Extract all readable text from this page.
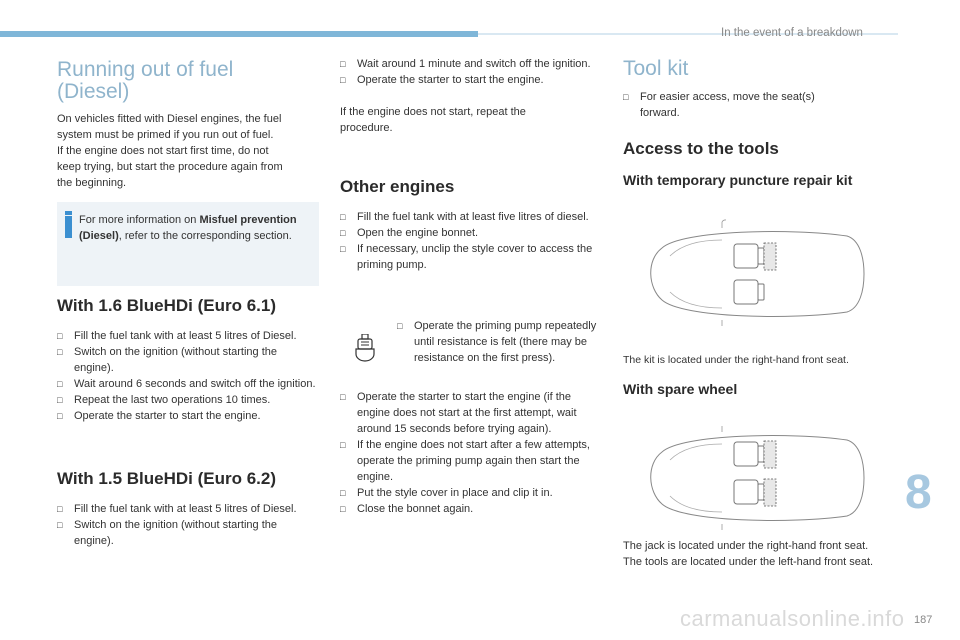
In the event of a breakdown
Running out of fuel
(Diesel)
On vehicles fitted with Diesel engines, the fuel
system must be primed if you run out of fuel.
If the engine does not start first time, do not
keep trying, but start the procedure again from
the beginning.
For more information on Misfuel prevention (Diesel), refer to the corresponding section.
With 1.6 BlueHDi (Euro 6.1)
□ Fill the fuel tank with at least 5 litres of Diesel.
□ Switch on the ignition (without starting the engine).
□ Wait around 6 seconds and switch off the ignition.
□ Repeat the last two operations 10 times.
□ Operate the starter to start the engine.
With 1.5 BlueHDi (Euro 6.2)
□ Fill the fuel tank with at least 5 litres of Diesel.
□ Switch on the ignition (without starting the engine).
□ Wait around 1 minute and switch off the ignition.
□ Operate the starter to start the engine.
If the engine does not start, repeat the procedure.
Other engines
□ Fill the fuel tank with at least five litres of diesel.
□ Open the engine bonnet.
□ If necessary, unclip the style cover to access the priming pump.
□ Operate the priming pump repeatedly until resistance is felt (there may be resistance on the first press).
□ Operate the starter to start the engine (if the engine does not start at the first attempt, wait around 15 seconds before trying again).
□ If the engine does not start after a few attempts, operate the priming pump again then start the engine.
□ Put the style cover in place and clip it in.
□ Close the bonnet again.
Tool kit
□ For easier access, move the seat(s) forward.
Access to the tools
With temporary puncture repair kit
The kit is located under the right-hand front seat.
With spare wheel
The jack is located under the right-hand front seat.
The tools are located under the left-hand front seat.
8
carmanualsonline.info 187
